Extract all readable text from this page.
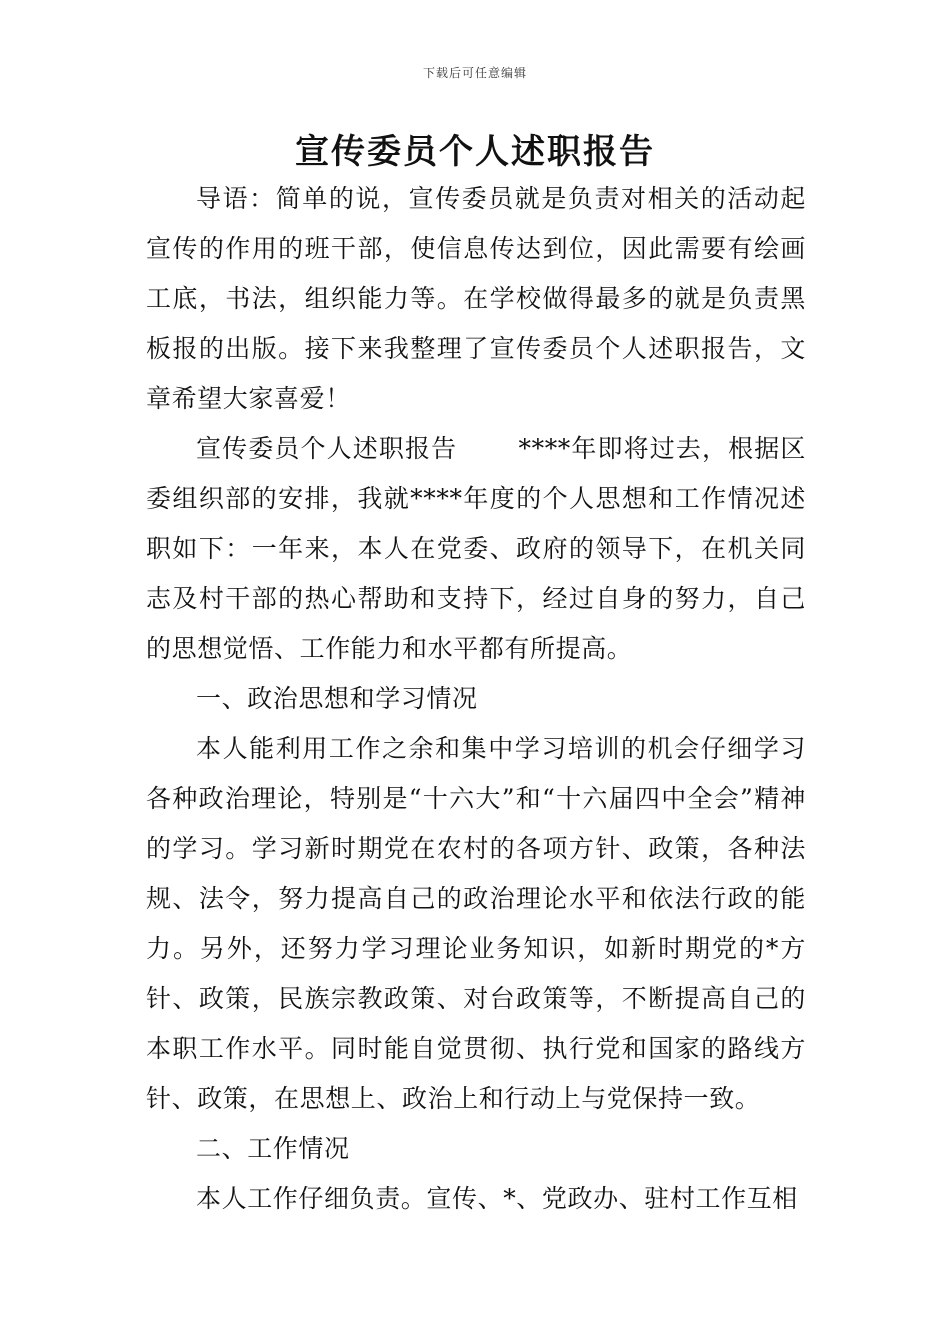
下载后可任意编辑
宣传委员个人述职报告

导语：简单的说，宣传委员就是负责对相关的活动起宣传的作用的班干部，使信息传达到位，因此需要有绘画工底，书法，组织能力等。在学校做得最多的就是负责黑板报的出版。接下来我整理了宣传委员个人述职报告，文章希望大家喜爱！

宣传委员个人述职报告 　　****年即将过去，根据区委组织部的安排，我就****年度的个人思想和工作情况述职如下：一年来，本人在党委、政府的领导下，在机关同志及村干部的热心帮助和支持下，经过自身的努力，自己的思想觉悟、工作能力和水平都有所提高。

一、政治思想和学习情况

本人能利用工作之余和集中学习培训的机会仔细学习各种政治理论，特别是“十六大”和“十六届四中全会”精神的学习。学习新时期党在农村的各项方针、政策，各种法规、法令，努力提高自己的政治理论水平和依法行政的能力。另外，还努力学习理论业务知识，如新时期党的*方针、政策，民族宗教政策、对台政策等，不断提高自己的本职工作水平。同时能自觉贯彻、执行党和国家的路线方针、政策，在思想上、政治上和行动上与党保持一致。

二、工作情况

本人工作仔细负责。宣传、*、党政办、驻村工作互相
